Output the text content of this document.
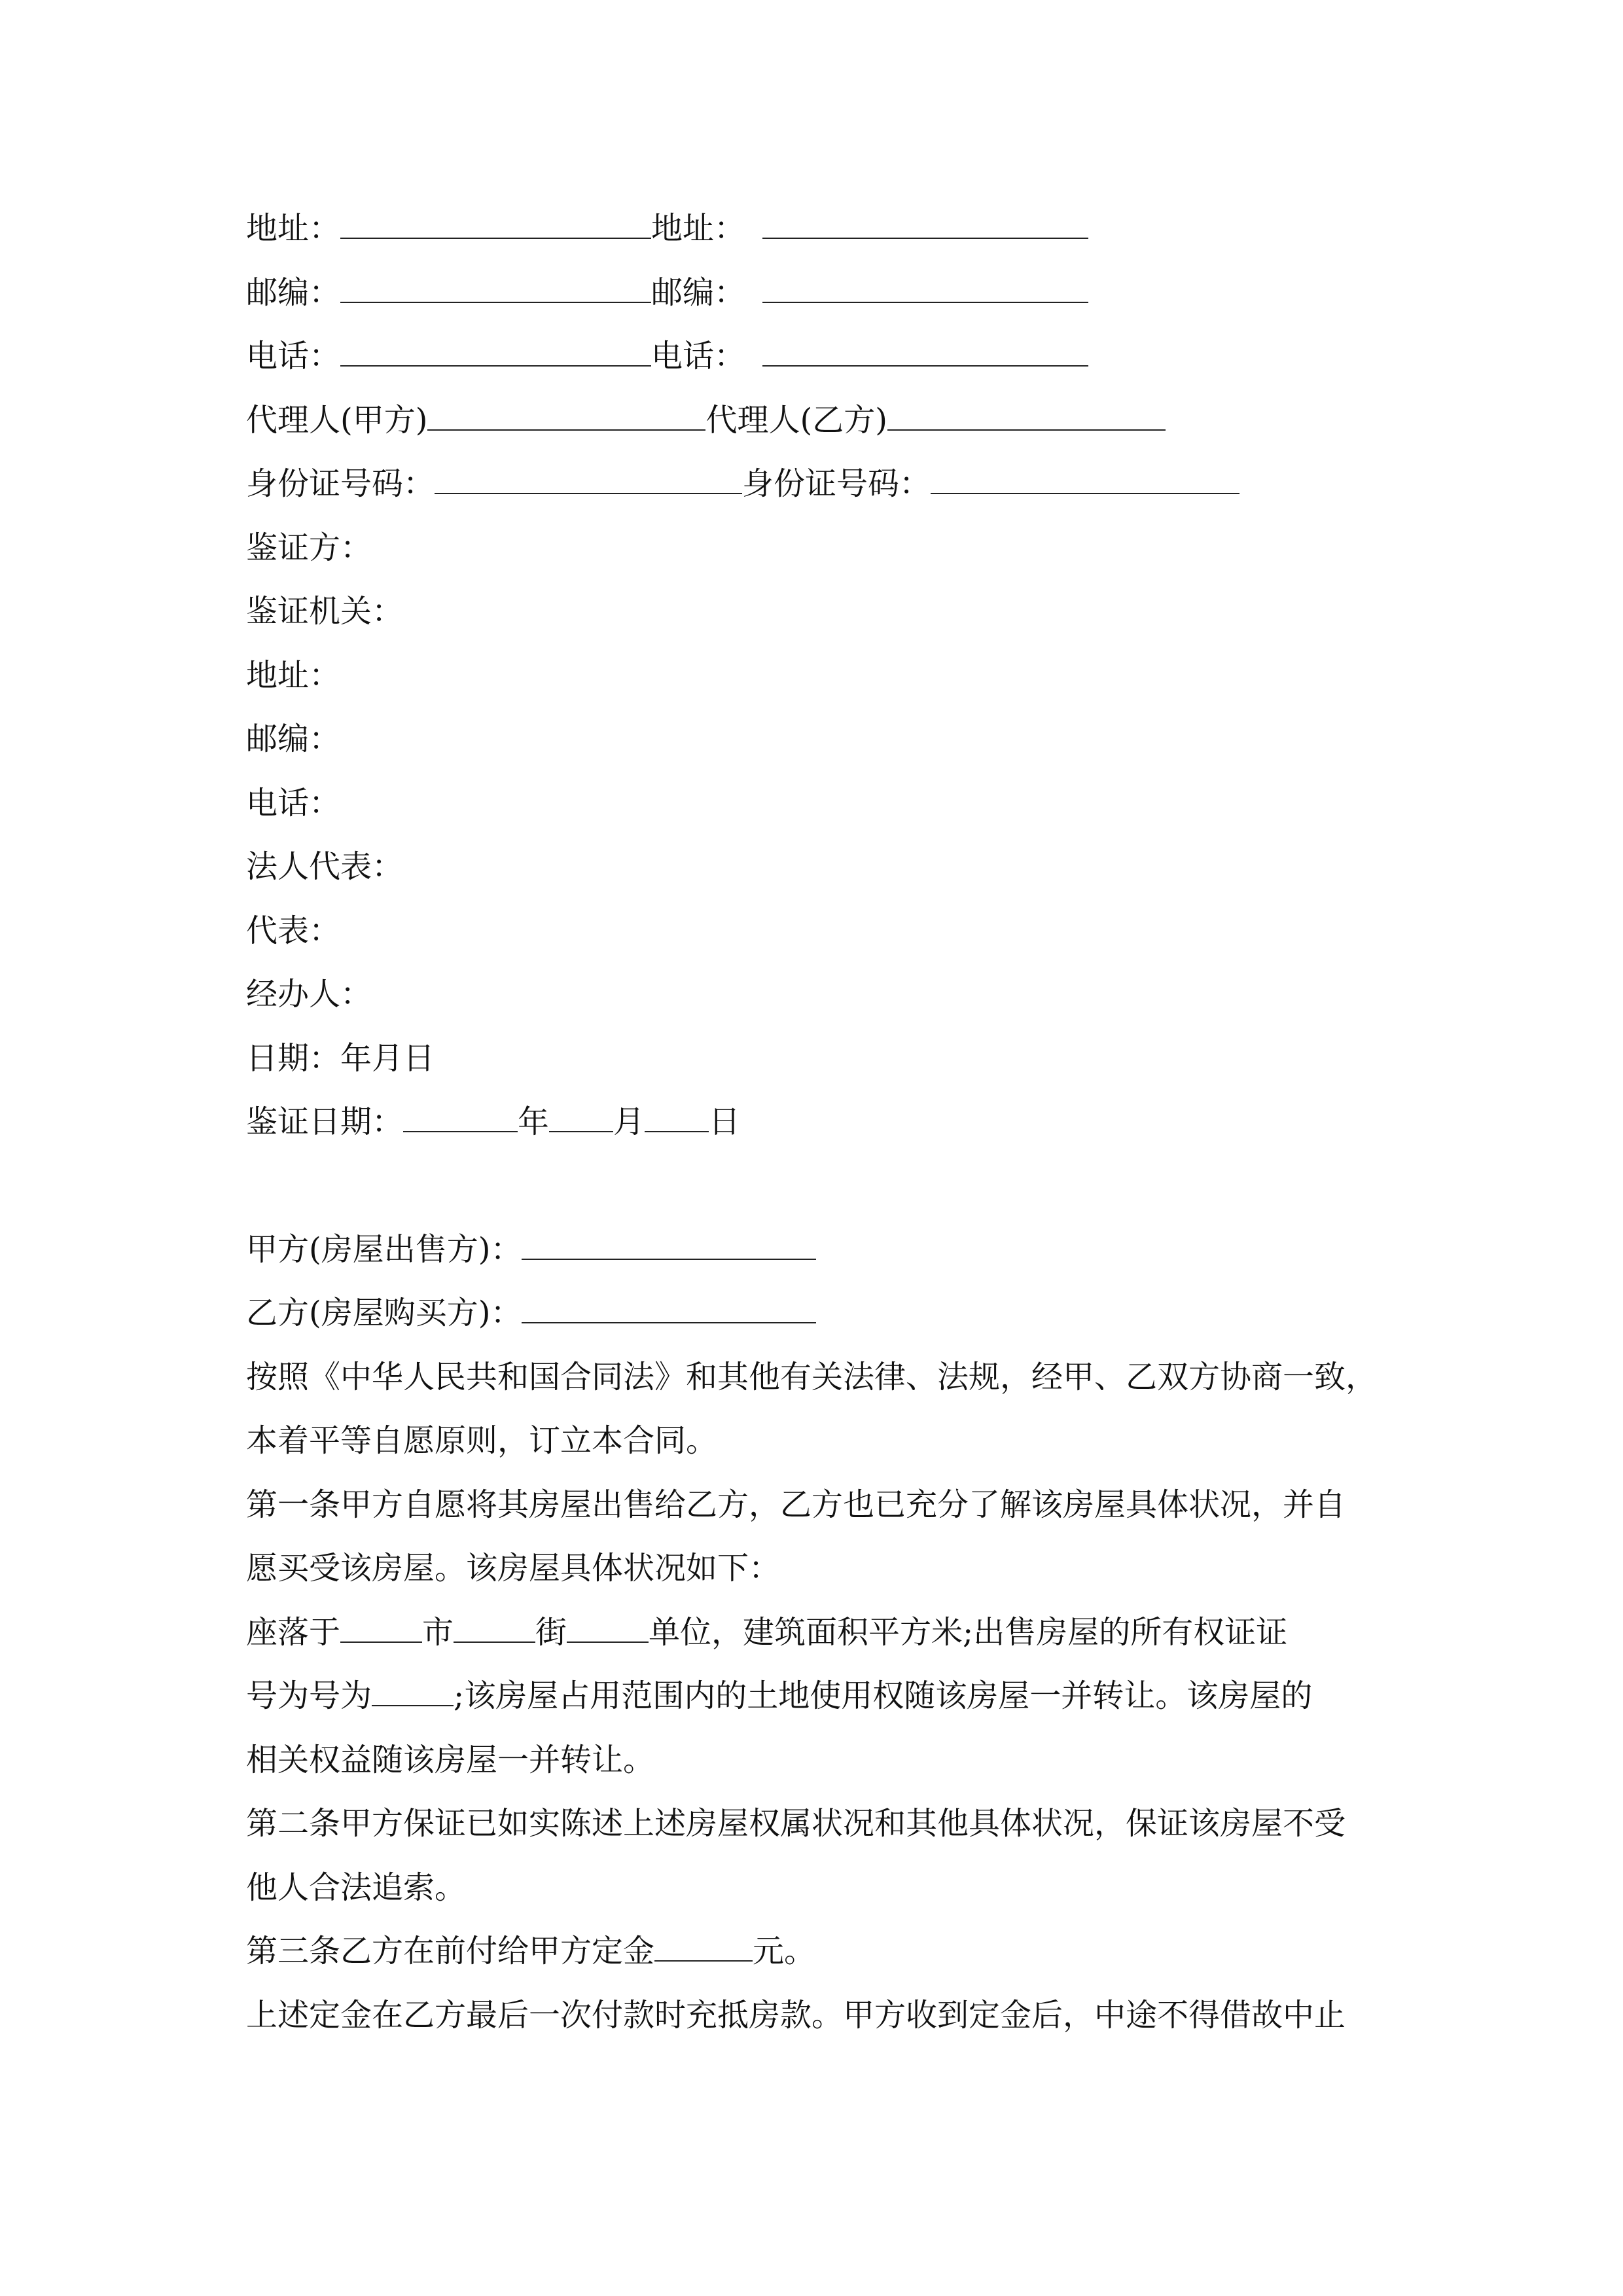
地址：	地址：
邮编：	邮编：
电话：	电话：
代理人(甲方)	代理人(乙方)
身份证号码：	身份证号码：
鉴证方：
鉴证机关：
地址：
邮编：
电话：
法人代表：
代表：
经办人：
日期：年月日
鉴证日期：	年 月 日
甲方(房屋出售方)：
乙方(房屋购买方)：
按照《中华人民共和国合同法》和其他有关法律、法规，经甲、乙双方协商一致，
本着平等自愿原则，订立本合同。
第一条甲方自愿将其房屋出售给乙方，乙方也已充分了解该房屋具体状况，并自
愿买受该房屋。该房屋具体状况如下：
座落于	市	街	单位，建筑面积平方米;出售房屋的所有权证证
号为号为	;该房屋占用范围内的土地使用权随该房屋一并转让。该房屋的
相关权益随该房屋一并转让。
第二条甲方保证已如实陈述上述房屋权属状况和其他具体状况，保证该房屋不受
他人合法追索。
第三条乙方在前付给甲方定金	元。
上述定金在乙方最后一次付款时充抵房款。甲方收到定金后，中途不得借故中止
